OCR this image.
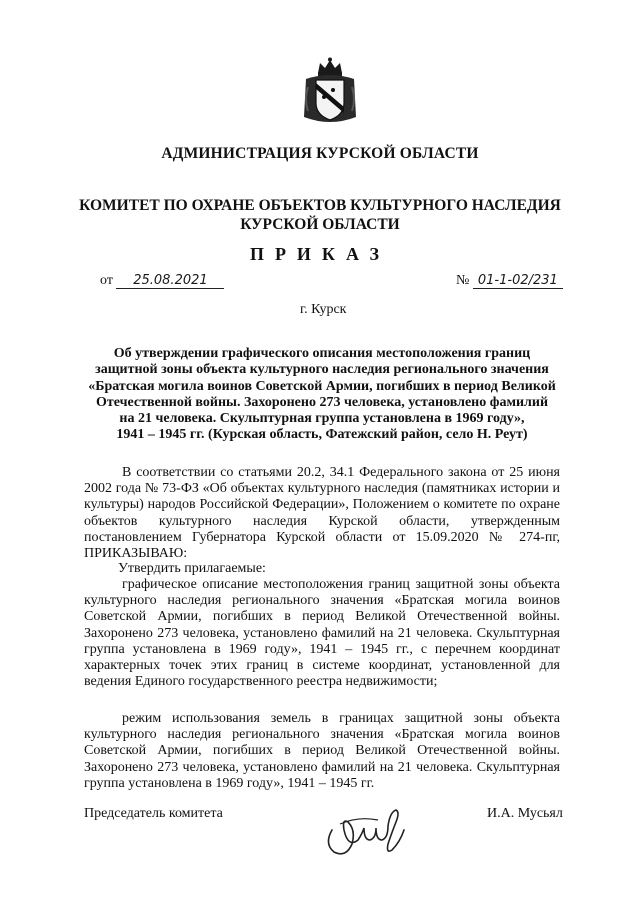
АДМИНИСТРАЦИЯ КУРСКОЙ ОБЛАСТИ
КОМИТЕТ ПО ОХРАНЕ ОБЪЕКТОВ КУЛЬТУРНОГО НАСЛЕДИЯ
КУРСКОЙ ОБЛАСТИ
ПРИКАЗ
от 25.08.2021	№ 01-1-02/231
г. Курск
Об утверждении графического описания местоположения границ
защитной зоны объекта культурного наследия регионального значения
«Братская могила воинов Советской Армии, погибших в период Великой
Отечественной войны. Захоронено 273 человека, установлено фамилий
на 21 человека. Скульптурная группа установлена в 1969 году»,
1941 – 1945 гг. (Курская область, Фатежский район, село Н. Реут)
В соответствии со статьями 20.2, 34.1 Федерального закона от 25 июня 2002 года № 73-ФЗ «Об объектах культурного наследия (памятниках истории и культуры) народов Российской Федерации», Положением о комитете по охране объектов культурного наследия Курской области, утвержденным постановлением Губернатора Курской области от 15.09.2020 № 274-пг, ПРИКАЗЫВАЮ:
Утвердить прилагаемые:
графическое описание местоположения границ защитной зоны объекта культурного наследия регионального значения «Братская могила воинов Советской Армии, погибших в период Великой Отечественной войны. Захоронено 273 человека, установлено фамилий на 21 человека. Скульптурная группа установлена в 1969 году», 1941 – 1945 гг., с перечнем координат характерных точек этих границ в системе координат, установленной для ведения Единого государственного реестра недвижимости;
режим использования земель в границах защитной зоны объекта культурного наследия регионального значения «Братская могила воинов Советской Армии, погибших в период Великой Отечественной войны. Захоронено 273 человека, установлено фамилий на 21 человека. Скульптурная группа установлена в 1969 году», 1941 – 1945 гг.
Председатель комитета	И.А. Мусьял
